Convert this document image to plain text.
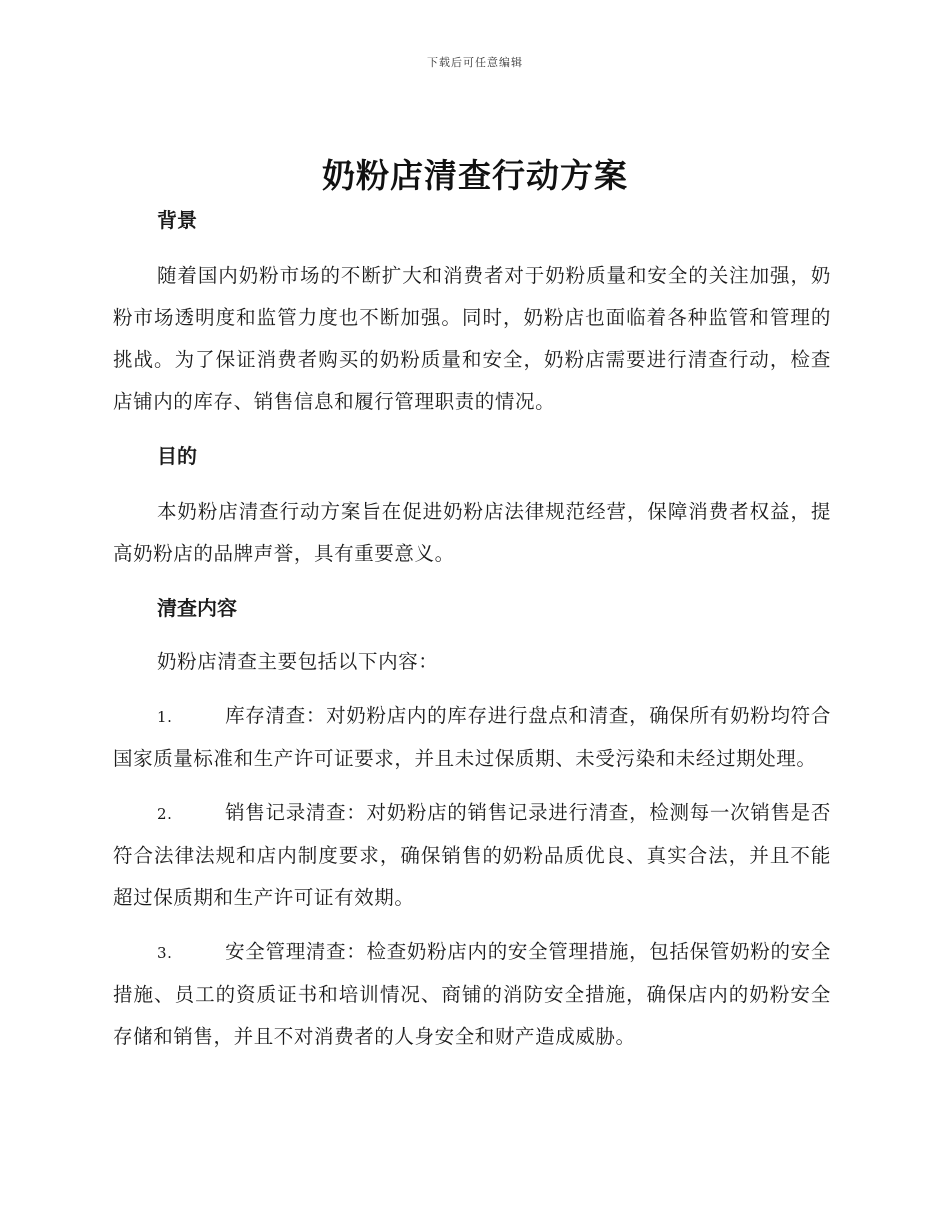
下载后可任意编辑
奶粉店清查行动方案

背景

随着国内奶粉市场的不断扩大和消费者对于奶粉质量和安全的关注加强，奶粉市场透明度和监管力度也不断加强。同时，奶粉店也面临着各种监管和管理的挑战。为了保证消费者购买的奶粉质量和安全，奶粉店需要进行清查行动，检查店铺内的库存、销售信息和履行管理职责的情况。

目的

本奶粉店清查行动方案旨在促进奶粉店法律规范经营，保障消费者权益，提高奶粉店的品牌声誉，具有重要意义。

清查内容

奶粉店清查主要包括以下内容：

1.	库存清查：对奶粉店内的库存进行盘点和清查，确保所有奶粉均符合国家质量标准和生产许可证要求，并且未过保质期、未受污染和未经过期处理。

2.	销售记录清查：对奶粉店的销售记录进行清查，检测每一次销售是否符合法律法规和店内制度要求，确保销售的奶粉品质优良、真实合法，并且不能超过保质期和生产许可证有效期。

3.	安全管理清查：检查奶粉店内的安全管理措施，包括保管奶粉的安全措施、员工的资质证书和培训情况、商铺的消防安全措施，确保店内的奶粉安全存储和销售，并且不对消费者的人身安全和财产造成威胁。
